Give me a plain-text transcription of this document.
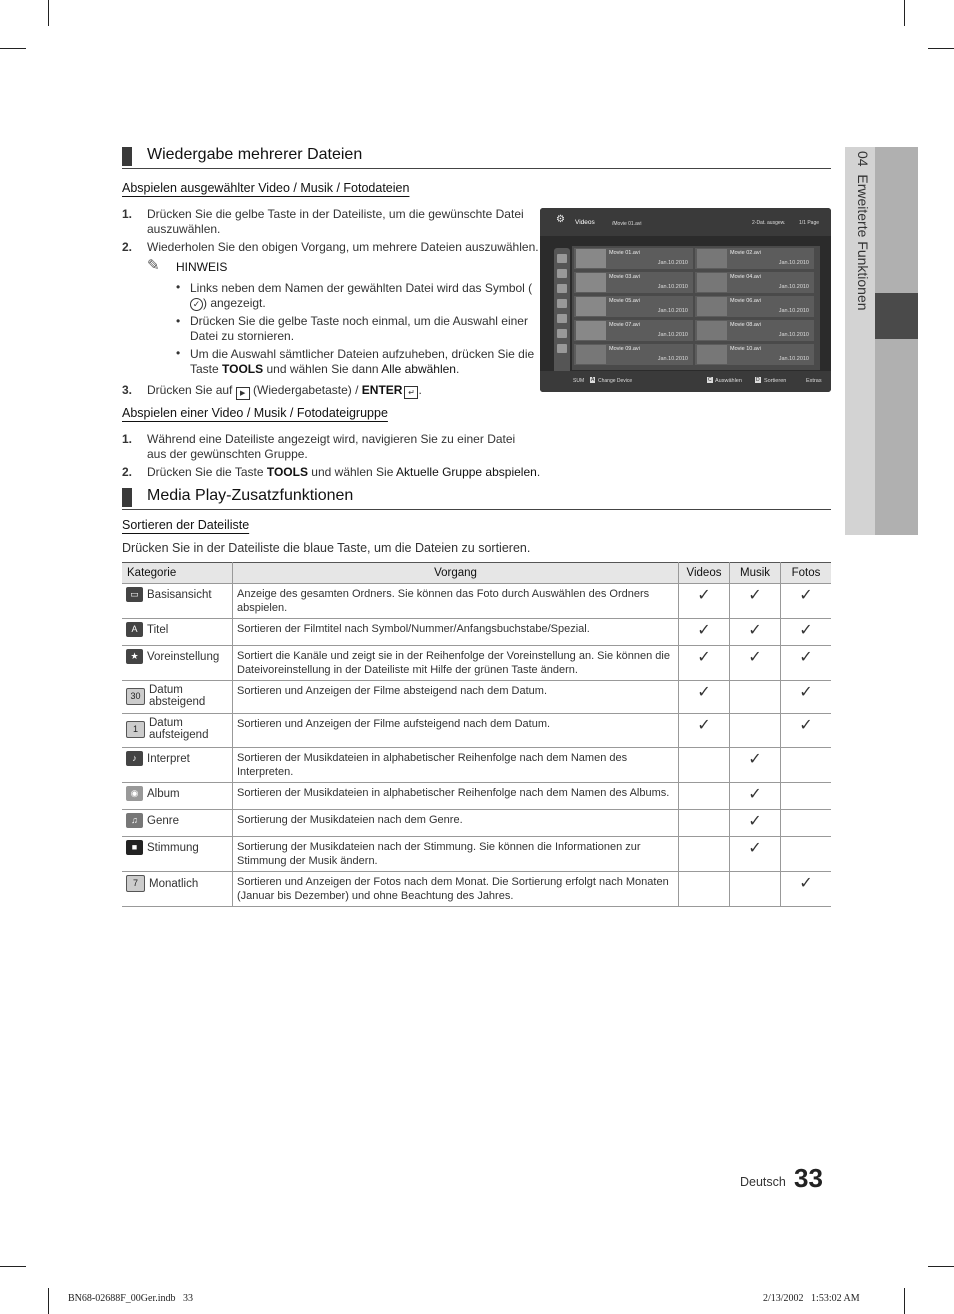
04  Erweiterte Funktionen
Wiedergabe mehrerer Dateien
Abspielen ausgewählter Video / Musik / Fotodateien
1. Drücken Sie die gelbe Taste in der Dateiliste, um die gewünschte Datei auszuwählen.
2. Wiederholen Sie den obigen Vorgang, um mehrere Dateien auszuwählen.
✎ HINWEIS
• Links neben dem Namen der gewählten Datei wird das Symbol (✓ ) angezeigt.
• Drücken Sie die gelbe Taste noch einmal, um die Auswahl einer Datei zu stornieren.
• Um die Auswahl sämtlicher Dateien aufzuheben, drücken Sie die Taste TOOLS und wählen Sie dann Alle abwählen.
3. Drücken Sie auf ▶ (Wiedergabetaste) / ENTER ↵ .
Abspielen einer Video / Musik / Fotodateigruppe
1. Während eine Dateiliste angezeigt wird, navigieren Sie zu einer Datei aus der gewünschten Gruppe.
2. Drücken Sie die Taste TOOLS und wählen Sie Aktuelle Gruppe abspielen.
⚙ Videos	/Movie 01.avi	2-Dat. ausgew.	1/1 Page
Movie 01.avi
Jan.10.2010
Movie 02.avi
Jan.10.2010
Movie 03.avi
Jan.10.2010
Movie 04.avi
Jan.10.2010
Movie 05.avi
Jan.10.2010
Movie 06.avi
Jan.10.2010
Movie 07.avi
Jan.10.2010
Movie 08.avi
Jan.10.2010
Movie 09.avi
Jan.10.2010
Movie 10.avi
Jan.10.2010
SUM A Change Device	C Auswählen	D Sortieren	Extras
Media Play-Zusatzfunktionen
Sortieren der Dateiliste
Drücken Sie in der Dateiliste die blaue Taste, um die Dateien zu sortieren.
Kategorie	Vorgang	Videos	Musik	Fotos

▭ Basisansicht	Anzeige des gesamten Ordners. Sie können das Foto durch Auswählen des Ordners abspielen.	✓	✓	✓

A Titel	Sortieren der Filmtitel nach Symbol/Nummer/Anfangsbuchstabe/Spezial.	✓	✓	✓

★ Voreinstellung	Sortiert die Kanäle und zeigt sie in der Reihenfolge der Voreinstellung an. Sie können die Dateivoreinstellung in der Dateiliste mit Hilfe der grünen Taste ändern.	✓	✓	✓

30 Datum absteigend	Sortieren und Anzeigen der Filme absteigend nach dem Datum.	✓		✓

1 Datum aufsteigend	Sortieren und Anzeigen der Filme aufsteigend nach dem Datum.	✓		✓

♪ Interpret	Sortieren der Musikdateien in alphabetischer Reihenfolge nach dem Namen des Interpreten.		✓	

◉ Album	Sortieren der Musikdateien in alphabetischer Reihenfolge nach dem Namen des Albums.		✓	

♫ Genre	Sortierung der Musikdateien nach dem Genre.		✓	

■ Stimmung	Sortierung der Musikdateien nach der Stimmung. Sie können die Informationen zur Stimmung der Musik ändern.		✓	

7 Monatlich	Sortieren und Anzeigen der Fotos nach dem Monat. Die Sortierung erfolgt nach Monaten (Januar bis Dezember) und ohne Beachtung des Jahres.			✓
Deutsch 33
BN68-02688F_00Ger.indb   33	2/13/2002   1:53:02 AM
